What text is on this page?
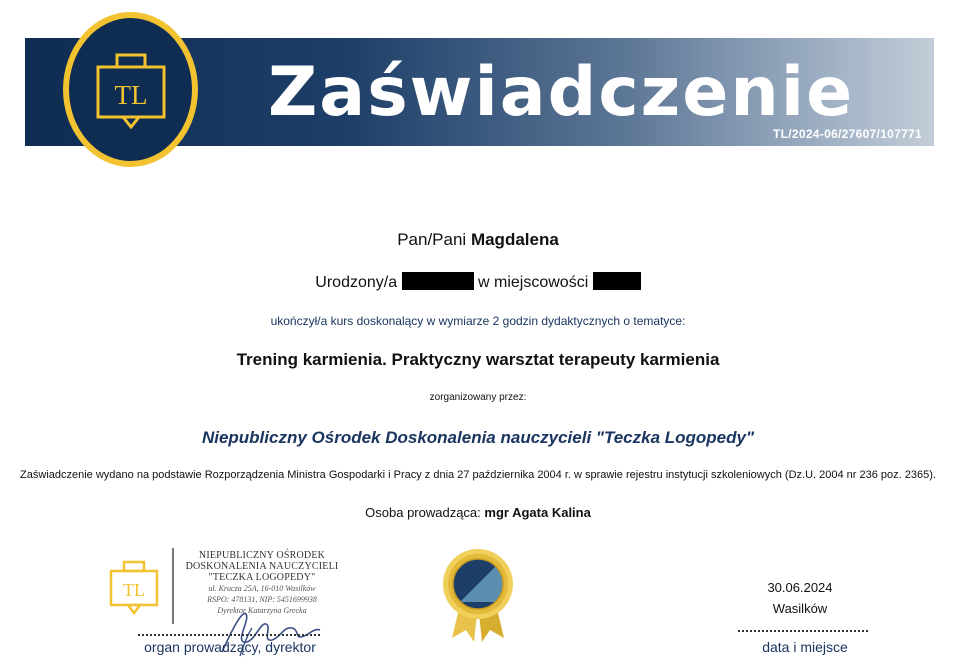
TL Zaświadczenie
TL/2024-06/27607/107771
Pan/Pani Magdalena
Urodzony/a	w miejscowości
ukończył/a kurs doskonalący w wymiarze 2 godzin dydaktycznych o tematyce:
Trening karmienia. Praktyczny warsztat terapeuty karmienia
zorganizowany przez:
Niepubliczny Ośrodek Doskonalenia nauczycieli "Teczka Logopedy"
Zaświadczenie wydano na podstawie Rozporządzenia Ministra Gospodarki i Pracy z dnia 27 października 2004 r. w sprawie rejestru instytucji szkoleniowych (Dz.U. 2004 nr 236 poz. 2365).
Osoba prowadząca: mgr Agata Kalina
TL
NIEPUBLICZNY OŚRODEK
DOSKONALENIA NAUCZYCIELI
"TECZKA LOGOPEDY"
ul. Krucza 25A, 16-010 Wasilków
RSPO: 478131, NIP: 5451699938
Dyrektor Katarzyna Grecka
organ prowadzący, dyrektor
30.06.2024
Wasilków
data i miejsce
